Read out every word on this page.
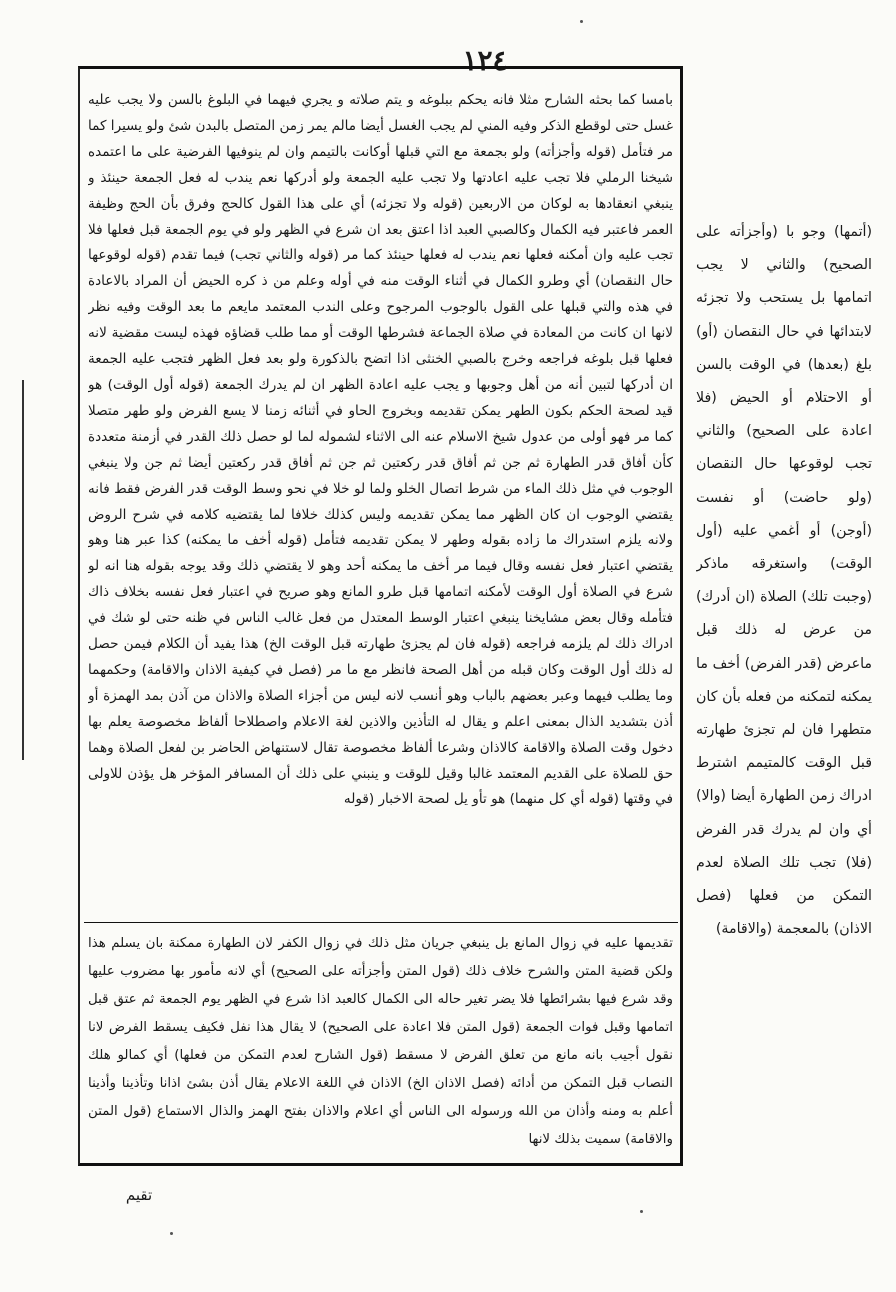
١٢٤

بامسا كما بحثه الشارح مثلا فانه يحكم ببلوغه و يتم صلاته و يجري فيهما في البلوغ بالسن ولا يجب عليه غسل حتى لوقطع الذكر وفيه المني لم يجب الغسل أيضا مالم يمر زمن المتصل بالبدن شئ ولو يسيرا كما مر فتأمل (قوله وأجزأته) ولو بجمعة مع التي قبلها أوكانت بالتيمم وان لم ينوفيها الفرضية على ما اعتمده شيخنا الرملي فلا تجب عليه اعادتها ولا تجب عليه الجمعة ولو أدركها نعم يندب له فعل الجمعة حينئذ و ينبغي انعقادها به لوكان من الاربعين (قوله ولا تجزئه) أي على هذا القول كالحج وفرق بأن الحج وظيفة العمر فاعتبر فيه الكمال وكالصبي العبد اذا اعتق بعد ان شرع في الظهر ولو في يوم الجمعة قبل فعلها فلا تجب عليه وان أمكنه فعلها نعم يندب له فعلها حينئذ كما مر (قوله والثاني تجب) فيما تقدم (قوله لوقوعها حال النقصان) أي وطرو الكمال في أثناء الوقت منه في أوله وعلم من ذ كره الحيض أن المراد بالاعادة في هذه والتي قبلها على القول بالوجوب المرجوح وعلى الندب المعتمد مايعم ما بعد الوقت وفيه نظر لانها ان كانت من المعادة في صلاة الجماعة فشرطها الوقت أو مما طلب قضاؤه فهذه ليست مقضية لانه فعلها قبل بلوغه فراجعه وخرج بالصبي الخنثى اذا اتضح بالذكورة ولو بعد فعل الظهر فتجب عليه الجمعة ان أدركها لتبين أنه من أهل وجوبها و يجب عليه اعادة الظهر ان لم يدرك الجمعة (قوله أول الوقت) هو قيد لصحة الحكم بكون الطهر يمكن تقديمه وبخروج الحاو في أثنائه زمنا لا يسع الفرض ولو طهر متصلا كما مر فهو أولى من عدول شيخ الاسلام عنه الى الاثناء لشموله لما لو حصل ذلك القدر في أزمنة متعددة كأن أفاق قدر الطهارة ثم جن ثم أفاق قدر ركعتين ثم جن ثم أفاق قدر ركعتين أيضا ثم جن ولا ينبغي الوجوب في مثل ذلك الماء من شرط اتصال الخلو ولما لو خلا في نحو وسط الوقت قدر الفرض فقط فانه يقتضي الوجوب ان كان الظهر مما يمكن تقديمه وليس كذلك خلافا لما يقتضيه كلامه في شرح الروض ولانه يلزم استدراك ما زاده بقوله وطهر لا يمكن تقديمه فتأمل (قوله أخف ما يمكنه) كذا عبر هنا وهو يقتضي اعتبار فعل نفسه وقال فيما مر أخف ما يمكنه أحد وهو لا يقتضي ذلك وقد يوجه بقوله هنا انه لو شرع في الصلاة أول الوقت لأمكنه اتمامها قبل طرو المانع وهو صريح في اعتبار فعل نفسه بخلاف ذاك فتأمله وقال بعض مشايخنا ينبغي اعتبار الوسط المعتدل من فعل غالب الناس في ظنه حتى لو شك في ادراك ذلك لم يلزمه فراجعه (قوله فان لم يجزئ طهارته قبل الوقت الخ) هذا يفيد أن الكلام فيمن حصل له ذلك أول الوقت وكان قبله من أهل الصحة فانظر مع ما مر (فصل في كيفية الاذان والاقامة) وحكمهما وما يطلب فيهما وعبر بعضهم بالباب وهو أنسب لانه ليس من أجزاء الصلاة والاذان من آذن بمد الهمزة أو أذن بتشديد الذال بمعنى اعلم و يقال له التأذين والاذين لغة الاعلام واصطلاحا ألفاظ مخصوصة يعلم بها دخول وقت الصلاة والاقامة كالاذان وشرعا ألفاظ مخصوصة تقال لاستنهاض الحاضر بن لفعل الصلاة وهما حق للصلاة على القديم المعتمد غالبا وقيل للوقت و ينبني على ذلك أن المسافر المؤخر هل يؤذن للاولى في وقتها (قوله أي كل منهما) هو تأو يل لصحة الاخبار (قوله

تقديمها عليه في زوال المانع بل ينبغي جريان مثل ذلك في زوال الكفر لان الطهارة ممكنة بان يسلم هذا ولكن قضية المتن والشرح خلاف ذلك (قول المتن وأجزأته على الصحيح) أي لانه مأمور بها مضروب عليها وقد شرع فيها بشرائطها فلا يضر تغير حاله الى الكمال كالعبد اذا شرع في الظهر يوم الجمعة ثم عتق قبل اتمامها وقبل فوات الجمعة (قول المتن فلا اعادة على الصحيح) لا يقال هذا نفل فكيف يسقط الفرض لانا نقول أجيب بانه مانع من تعلق الفرض لا مسقط (قول الشارح لعدم التمكن من فعلها) أي كمالو هلك النصاب قبل التمكن من أدائه (فصل الاذان الخ) الاذان في اللغة الاعلام يقال أذن بشئ اذانا وتأذينا وأذينا أعلم به ومنه وأذان من الله ورسوله الى الناس أي اعلام والاذان بفتح الهمز والذال الاستماع (قول المتن والاقامة) سميت بذلك لانها

(أتمها) وجو با (وأجزأته على الصحيح) والثاني لا يجب اتمامها بل يستحب ولا تجزئه لابتدائها في حال النقصان (أو) بلغ (بعدها) في الوقت بالسن أو الاحتلام أو الحيض (فلا اعادة على الصحيح) والثاني تجب لوقوعها حال النقصان (ولو حاضت) أو نفست (أوجن) أو أغمي عليه (أول الوقت) واستغرقه ماذكر (وجبت تلك) الصلاة (ان أدرك) من عرض له ذلك قبل ماعرض (قدر الفرض) أخف ما يمكنه لتمكنه من فعله بأن كان متطهرا فان لم تجزئ طهارته قبل الوقت كالمتيمم اشترط ادراك زمن الطهارة أيضا (والا) أي وان لم يدرك قدر الفرض (فلا) تجب تلك الصلاة لعدم التمكن من فعلها (فصل الاذان) بالمعجمة (والاقامة)

تقيم
